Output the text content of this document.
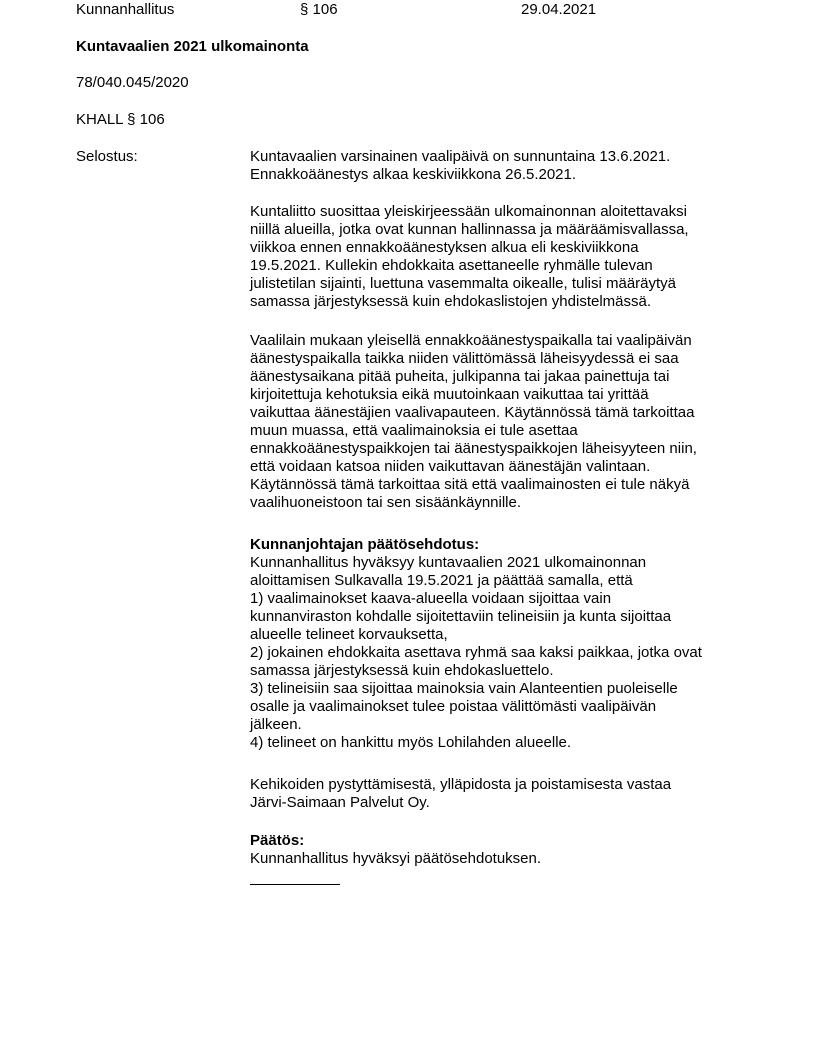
Kunnanhallitus	§ 106	29.04.2021

Kuntavaalien 2021 ulkomainonta

78/040.045/2020

KHALL § 106

Selostus:	Kuntavaalien varsinainen vaalipäivä on sunnuntaina 13.6.2021.
Ennakkoäänestys alkaa keskiviikkona 26.5.2021.
Kuntaliitto suosittaa yleiskirjeessään ulkomainonnan aloitettavaksi
niillä alueilla, jotka ovat kunnan hallinnassa ja määräämisvallassa,
viikkoa ennen ennakkoäänestyksen alkua eli keskiviikkona
19.5.2021. Kullekin ehdokkaita asettaneelle ryhmälle tulevan
julistetilan sijainti, luettuna vasemmalta oikealle, tulisi määräytyä
samassa järjestyksessä kuin ehdokaslistojen yhdistelmässä.
Vaalilain mukaan yleisellä ennakkoäänestyspaikalla tai vaalipäivän
äänestyspaikalla taikka niiden välittömässä läheisyydessä ei saa
äänestysaikana pitää puheita, julkipanna tai jakaa painettuja tai
kirjoitettuja kehotuksia eikä muutoinkaan vaikuttaa tai yrittää
vaikuttaa äänestäjien vaalivapauteen. Käytännössä tämä tarkoittaa
muun muassa, että vaalimainoksia ei tule asettaa
ennakkoäänestyspaikkojen tai äänestyspaikkojen läheisyyteen niin,
että voidaan katsoa niiden vaikuttavan äänestäjän valintaan.
Käytännössä tämä tarkoittaa sitä että vaalimainosten ei tule näkyä
vaalihuoneistoon tai sen sisäänkäynnille.
Kunnanjohtajan päätösehdotus:
Kunnanhallitus hyväksyy kuntavaalien 2021 ulkomainonnan
aloittamisen Sulkavalla 19.5.2021 ja päättää samalla, että
1) vaalimainokset kaava-alueella voidaan sijoittaa vain
kunnanviraston kohdalle sijoitettaviin telineisiin ja kunta sijoittaa
alueelle telineet korvauksetta,
2) jokainen ehdokkaita asettava ryhmä saa kaksi paikkaa, jotka ovat
samassa järjestyksessä kuin ehdokasluettelo.
3) telineisiin saa sijoittaa mainoksia vain Alanteentien puoleiselle
osalle ja vaalimainokset tulee poistaa välittömästi vaalipäivän
jälkeen.
4) telineet on hankittu myös Lohilahden alueelle.
Kehikoiden pystyttämisestä, ylläpidosta ja poistamisesta vastaa
Järvi-Saimaan Palvelut Oy.
Päätös:
Kunnanhallitus hyväksyi päätösehdotuksen.
